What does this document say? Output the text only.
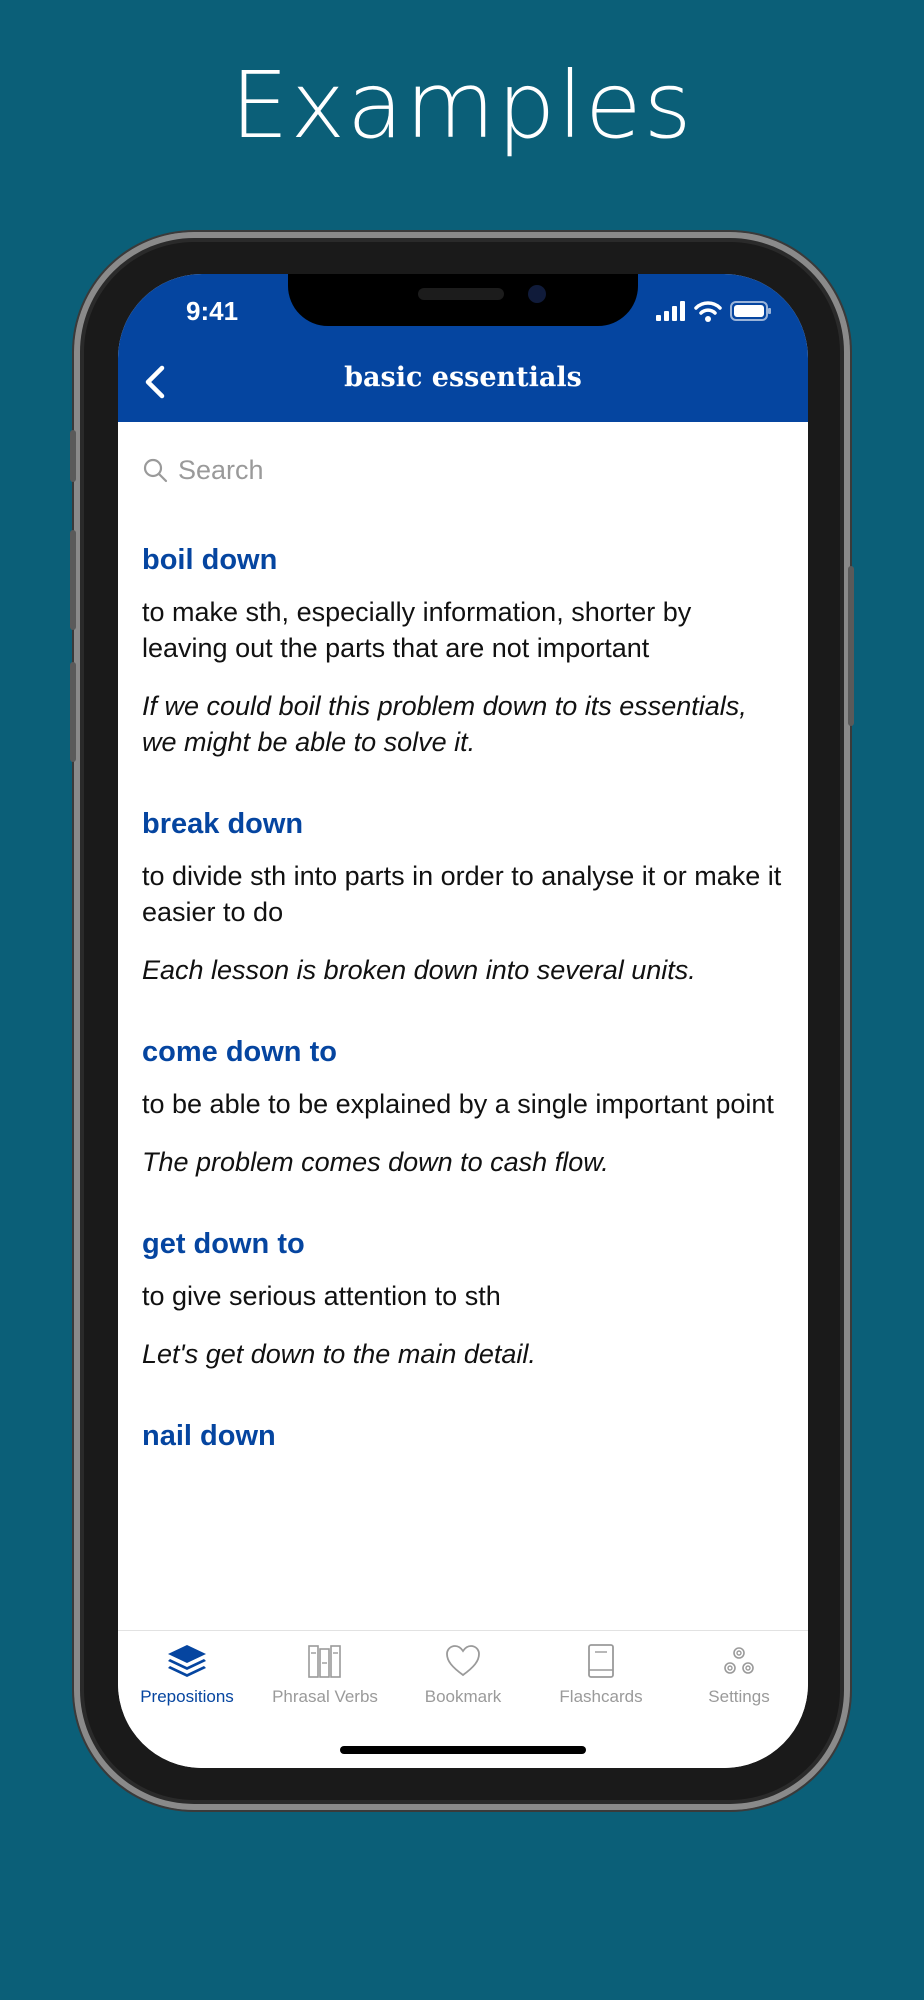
Examples
9:41
basic essentials
Search
boil down
to make sth, especially information, shorter by leaving out the parts that are not important
If we could boil this problem down to its essentials, we might be able to solve it.
break down
to divide sth into parts in order to analyse it or make it easier to do
Each lesson is broken down into several units.
come down to
to be able to be explained by a single important point
The problem comes down to cash flow.
get down to
to give serious attention to sth
Let's get down to the main detail.
nail down
Prepositions Phrasal Verbs	Bookmark	Flashcards	Settings
